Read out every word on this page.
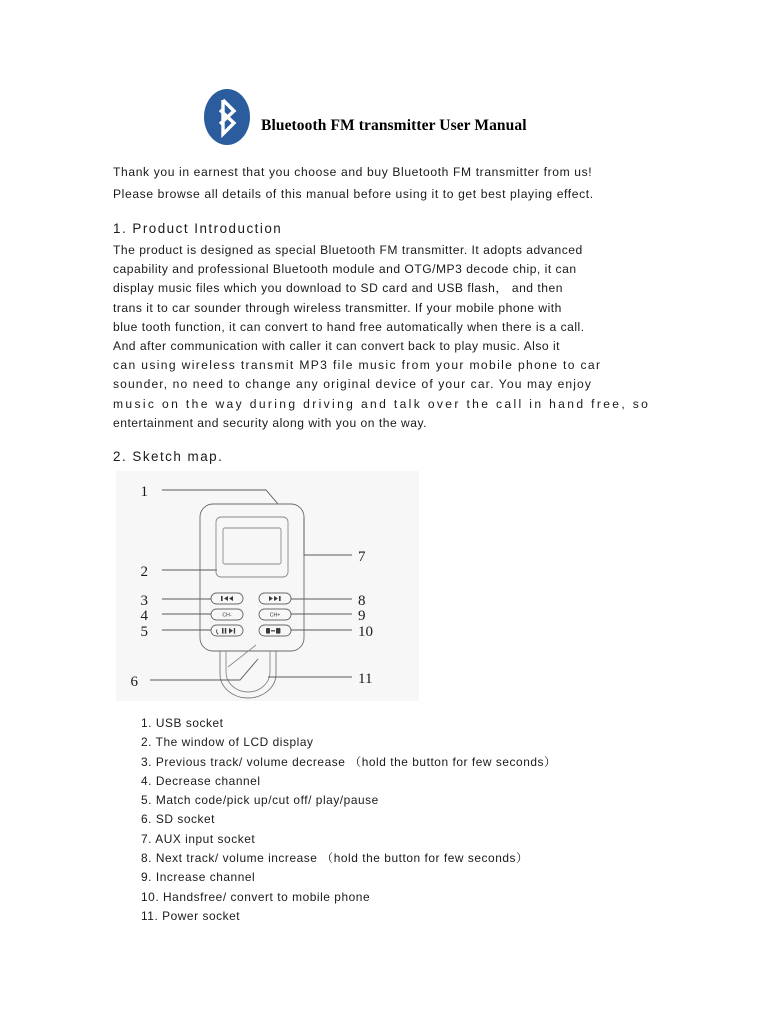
Bluetooth FM transmitter User Manual
Thank you in earnest that you choose and buy Bluetooth FM transmitter from us!
Please browse all details of this manual before using it to get best playing effect.
1. Product Introduction
The product is designed as special Bluetooth FM transmitter. It adopts advanced
capability and professional Bluetooth module and OTG/MP3 decode chip, it can
display music files which you download to SD card and USB flash， and then
trans it to car sounder through wireless transmitter. If your mobile phone with
blue tooth function, it can convert to hand free automatically when there is a call.
And after communication with caller it can convert back to play music. Also it
can using wireless transmit MP3 file music from your mobile phone to car
sounder, no need to change any original device of your car. You may enjoy
music on the way during driving and talk over the call in hand free, so
entertainment and security along with you on the way.
2. Sketch map.
CH-	CH+
1
2
3
4
5
6
7
8
9
10
11
1. USB socket
2. The window of LCD display
3. Previous track/ volume decrease （hold the button for few seconds）
4. Decrease channel
5. Match code/pick up/cut off/ play/pause
6. SD socket
7. AUX input socket
8. Next track/ volume increase （hold the button for few seconds）
9. Increase channel
10. Handsfree/ convert to mobile phone
11. Power socket
